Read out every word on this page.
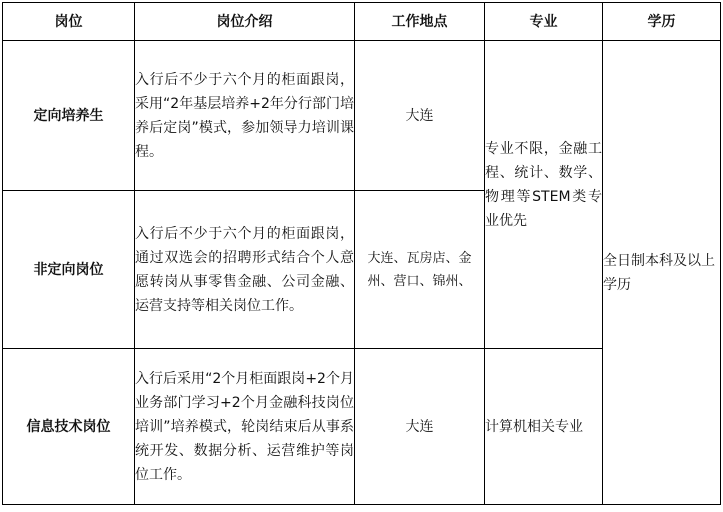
岗位	岗位介绍	工作地点	专业	学历
定向培养生	入行后不少于六个月的柜面跟岗，采用“2年基层培养+2年分行部门培养后定岗”模式，参加领导力培训课程。	大连	专业不限，金融工程、统计、数学、物理等STEM类专业优先	全日制本科及以上学历
非定向岗位	入行后不少于六个月的柜面跟岗，通过双选会的招聘形式结合个人意愿转岗从事零售金融、公司金融、运营支持等相关岗位工作。	大连、瓦房店、金州、营口、锦州、		
信息技术岗位	入行后采用“2个月柜面跟岗+2个月业务部门学习+2个月金融科技岗位培训”培养模式，轮岗结束后从事系统开发、数据分析、运营维护等岗位工作。	大连	计算机相关专业	
